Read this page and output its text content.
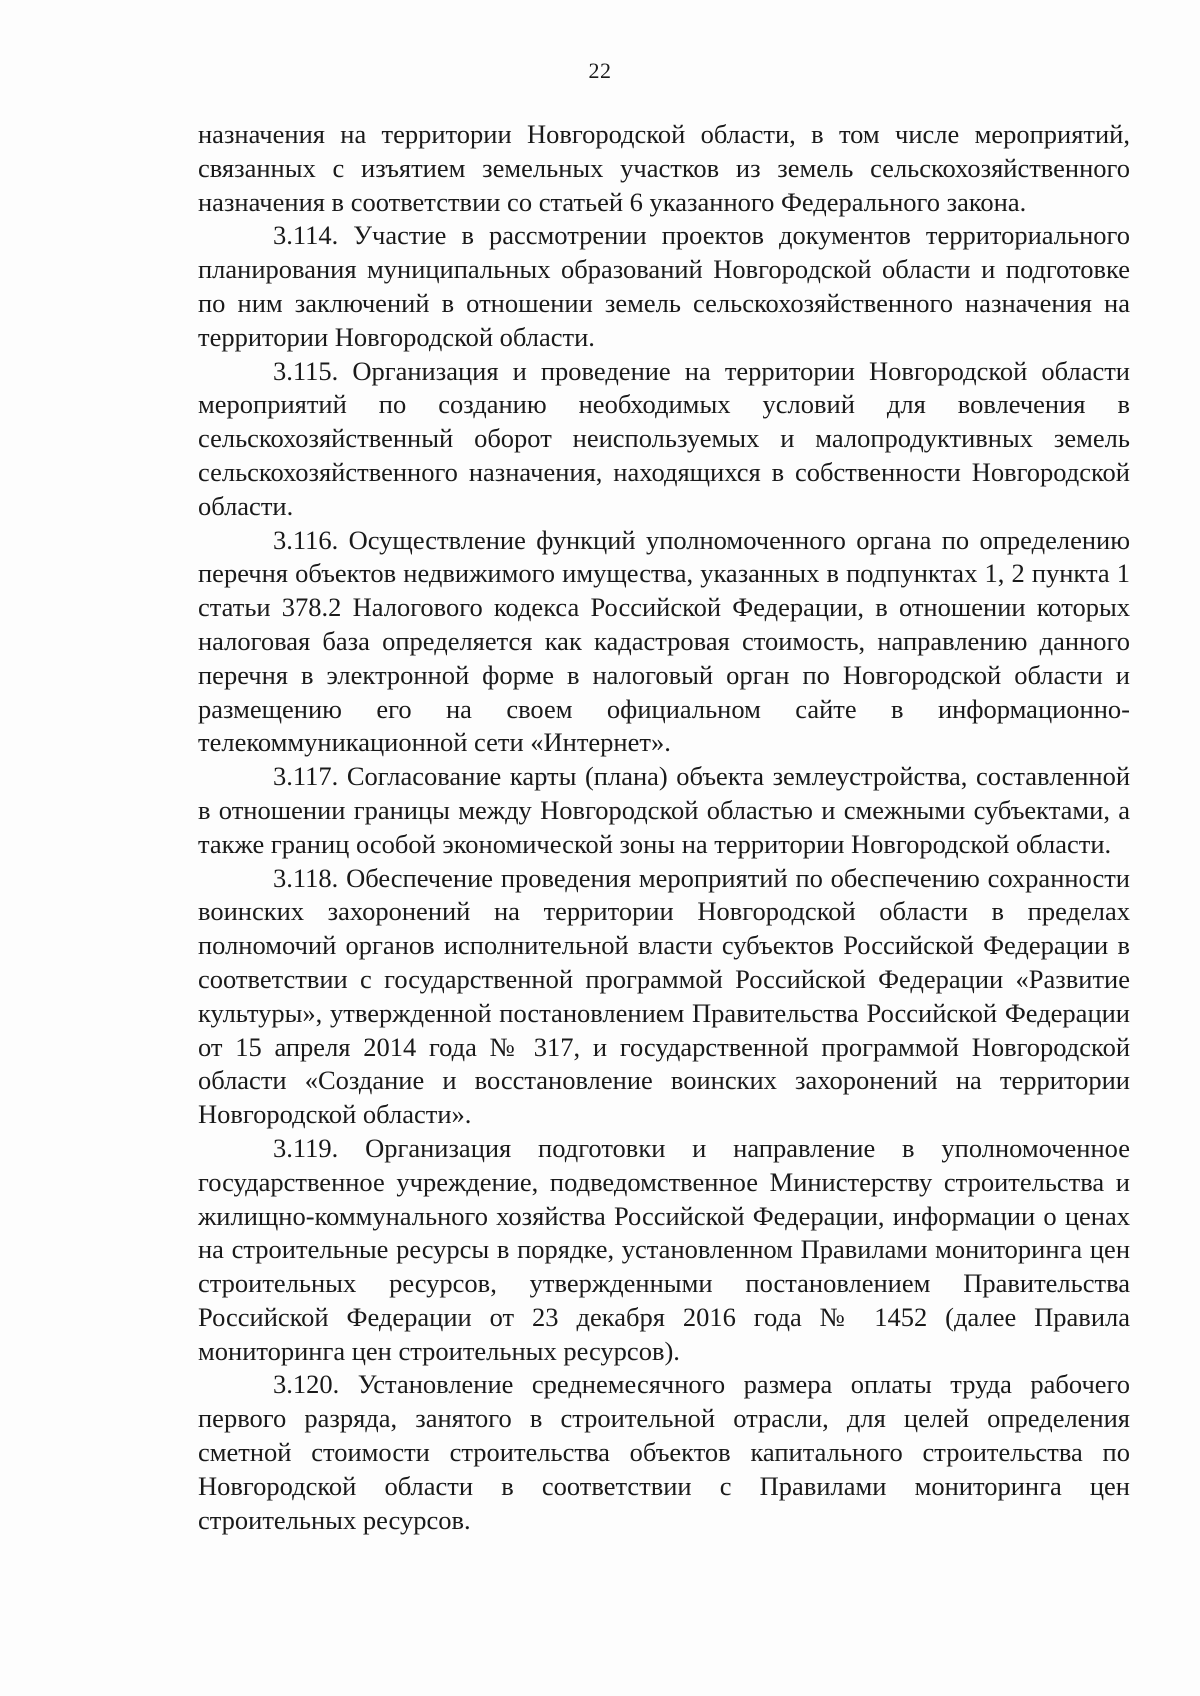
22

назначения на территории Новгородской области, в том числе мероприятий, связанных с изъятием земельных участков из земель сельскохозяйственного назначения в соответствии со статьей 6 указанного Федерального закона.

3.114. Участие в рассмотрении проектов документов территориального планирования муниципальных образований Новгородской области и подготовке по ним заключений в отношении земель сельскохозяйственного назначения на территории Новгородской области.

3.115. Организация и проведение на территории Новгородской области мероприятий по созданию необходимых условий для вовлечения в сельскохозяйственный оборот неиспользуемых и малопродуктивных земель сельскохозяйственного назначения, находящихся в собственности Новгородской области.

3.116. Осуществление функций уполномоченного органа по определению перечня объектов недвижимого имущества, указанных в подпунктах 1, 2 пункта 1 статьи 378.2 Налогового кодекса Российской Федерации, в отношении которых налоговая база определяется как кадастровая стоимость, направлению данного перечня в электронной форме в налоговый орган по Новгородской области и размещению его на своем официальном сайте в информационно-телекоммуникационной сети «Интернет».

3.117. Согласование карты (плана) объекта землеустройства, составленной в отношении границы между Новгородской областью и смежными субъектами, а также границ особой экономической зоны на территории Новгородской области.

3.118. Обеспечение проведения мероприятий по обеспечению сохранности воинских захоронений на территории Новгородской области в пределах полномочий органов исполнительной власти субъектов Российской Федерации в соответствии с государственной программой Российской Федерации «Развитие культуры», утвержденной постановлением Правительства Российской Федерации от 15 апреля 2014 года № 317, и государственной программой Новгородской области «Создание и восстановление воинских захоронений на территории Новгородской области».

3.119. Организация подготовки и направление в уполномоченное государственное учреждение, подведомственное Министерству строительства и жилищно-коммунального хозяйства Российской Федерации, информации о ценах на строительные ресурсы в порядке, установленном Правилами мониторинга цен строительных ресурсов, утвержденными постановлением Правительства Российской Федерации от 23 декабря 2016 года № 1452 (далее Правила мониторинга цен строительных ресурсов).

3.120. Установление среднемесячного размера оплаты труда рабочего первого разряда, занятого в строительной отрасли, для целей определения сметной стоимости строительства объектов капитального строительства по Новгородской области в соответствии с Правилами мониторинга цен строительных ресурсов.
